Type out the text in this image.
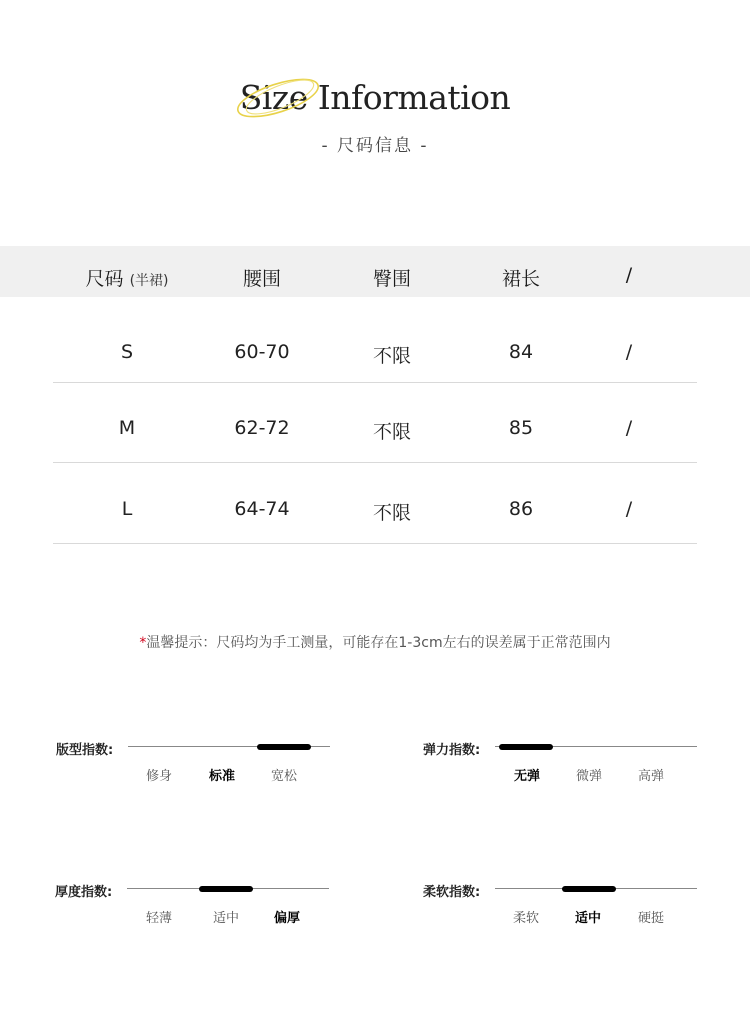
Size Information
- 尺码信息 -
尺码 (半裙)	腰围	臀围	裙长	/
S	60-70	不限	84	/
M	62-72	不限	85	/
L	64-74	不限	86	/
*温馨提示：尺码均为手工测量，可能存在1-3cm左右的误差属于正常范围内
版型指数:
修身	标准	宽松
弹力指数:
无弹	微弹	高弹
厚度指数:
轻薄	适中	偏厚
柔软指数:
柔软	适中	硬挺
